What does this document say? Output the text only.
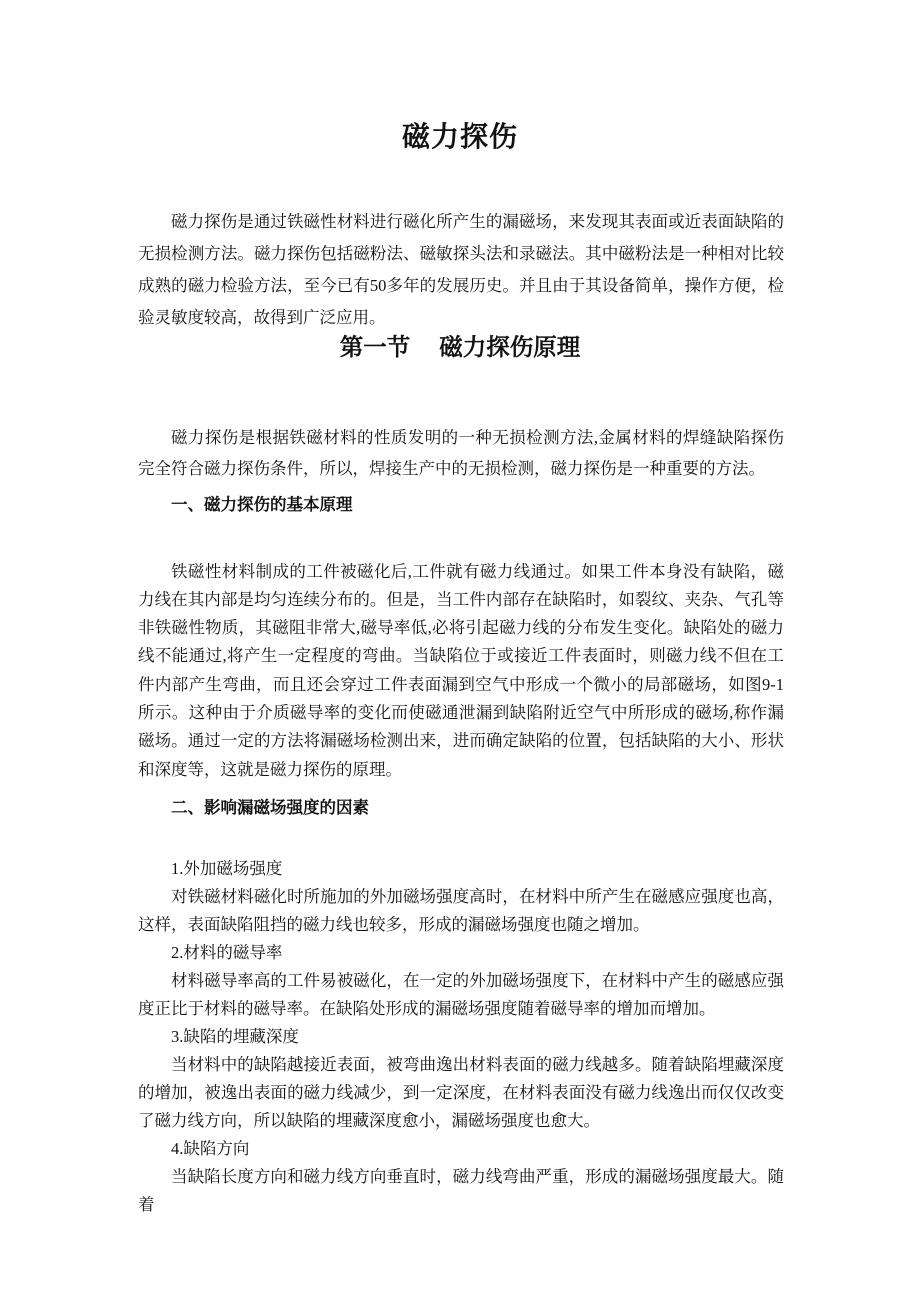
磁力探伤

磁力探伤是通过铁磁性材料进行磁化所产生的漏磁场，来发现其表面或近表面缺陷的无损检测方法。磁力探伤包括磁粉法、磁敏探头法和录磁法。其中磁粉法是一种相对比较成熟的磁力检验方法，至今已有50多年的发展历史。并且由于其设备简单，操作方便，检验灵敏度较高，故得到广泛应用。

第一节 磁力探伤原理

磁力探伤是根据铁磁材料的性质发明的一种无损检测方法,金属材料的焊缝缺陷探伤完全符合磁力探伤条件，所以，焊接生产中的无损检测，磁力探伤是一种重要的方法。

一、磁力探伤的基本原理

铁磁性材料制成的工件被磁化后,工件就有磁力线通过。如果工件本身没有缺陷，磁力线在其内部是均匀连续分布的。但是，当工件内部存在缺陷时，如裂纹、夹杂、气孔等非铁磁性物质，其磁阻非常大,磁导率低,必将引起磁力线的分布发生变化。缺陷处的磁力线不能通过,将产生一定程度的弯曲。当缺陷位于或接近工件表面时，则磁力线不但在工件内部产生弯曲，而且还会穿过工件表面漏到空气中形成一个微小的局部磁场，如图9-1所示。这种由于介质磁导率的变化而使磁通泄漏到缺陷附近空气中所形成的磁场,称作漏磁场。通过一定的方法将漏磁场检测出来，进而确定缺陷的位置，包括缺陷的大小、形状和深度等，这就是磁力探伤的原理。

二、影响漏磁场强度的因素

1.外加磁场强度

对铁磁材料磁化时所施加的外加磁场强度高时，在材料中所产生在磁感应强度也高，这样，表面缺陷阻挡的磁力线也较多，形成的漏磁场强度也随之增加。

2.材料的磁导率

材料磁导率高的工件易被磁化，在一定的外加磁场强度下，在材料中产生的磁感应强度正比于材料的磁导率。在缺陷处形成的漏磁场强度随着磁导率的增加而增加。

3.缺陷的埋藏深度

当材料中的缺陷越接近表面，被弯曲逸出材料表面的磁力线越多。随着缺陷埋藏深度的增加，被逸出表面的磁力线减少，到一定深度，在材料表面没有磁力线逸出而仅仅改变了磁力线方向，所以缺陷的埋藏深度愈小，漏磁场强度也愈大。

4.缺陷方向

当缺陷长度方向和磁力线方向垂直时，磁力线弯曲严重，形成的漏磁场强度最大。随着
